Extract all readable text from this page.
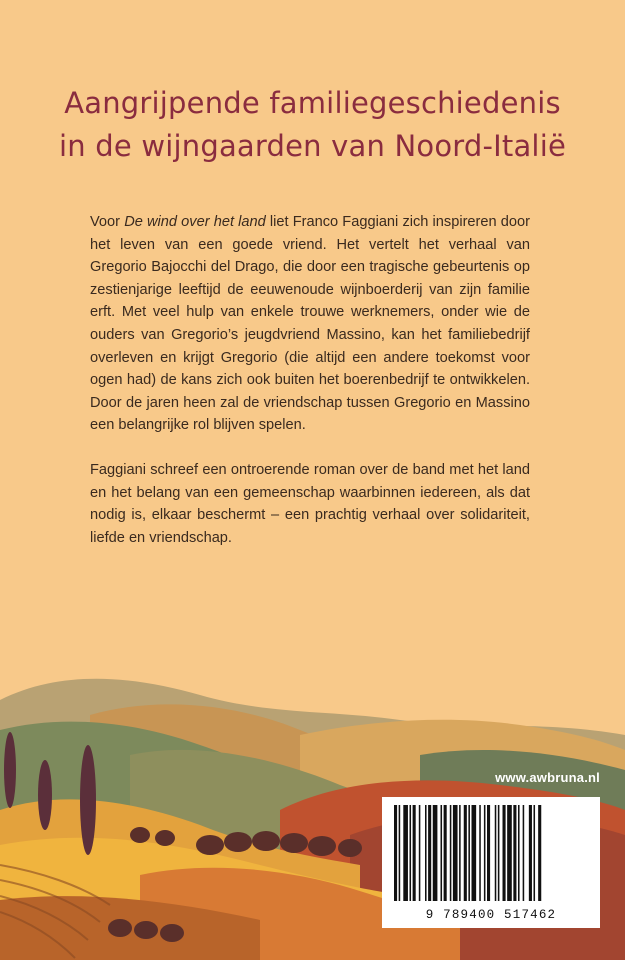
Aangrijpende familiegeschiedenis
in de wijngaarden van Noord-Italië

Voor De wind over het land liet Franco Faggiani zich inspireren door het leven van een goede vriend. Het vertelt het verhaal van Gregorio Bajocchi del Drago, die door een tragische gebeurtenis op zestienjarige leeftijd de eeuwenoude wijnboerderij van zijn familie erft. Met veel hulp van enkele trouwe werknemers, onder wie de ouders van Gregorio’s jeugdvriend Massino, kan het familiebedrijf overleven en krijgt Gregorio (die altijd een andere toekomst voor ogen had) de kans zich ook buiten het boerenbedrijf te ontwikkelen. Door de jaren heen zal de vriendschap tussen Gregorio en Massino een belangrijke rol blijven spelen.

Faggiani schreef een ontroerende roman over de band met het land en het belang van een gemeenschap waarbinnen iedereen, als dat nodig is, elkaar beschermt – een prachtig verhaal over solidariteit, liefde en vriendschap.

www.awbruna.nl
9 789400 517462
